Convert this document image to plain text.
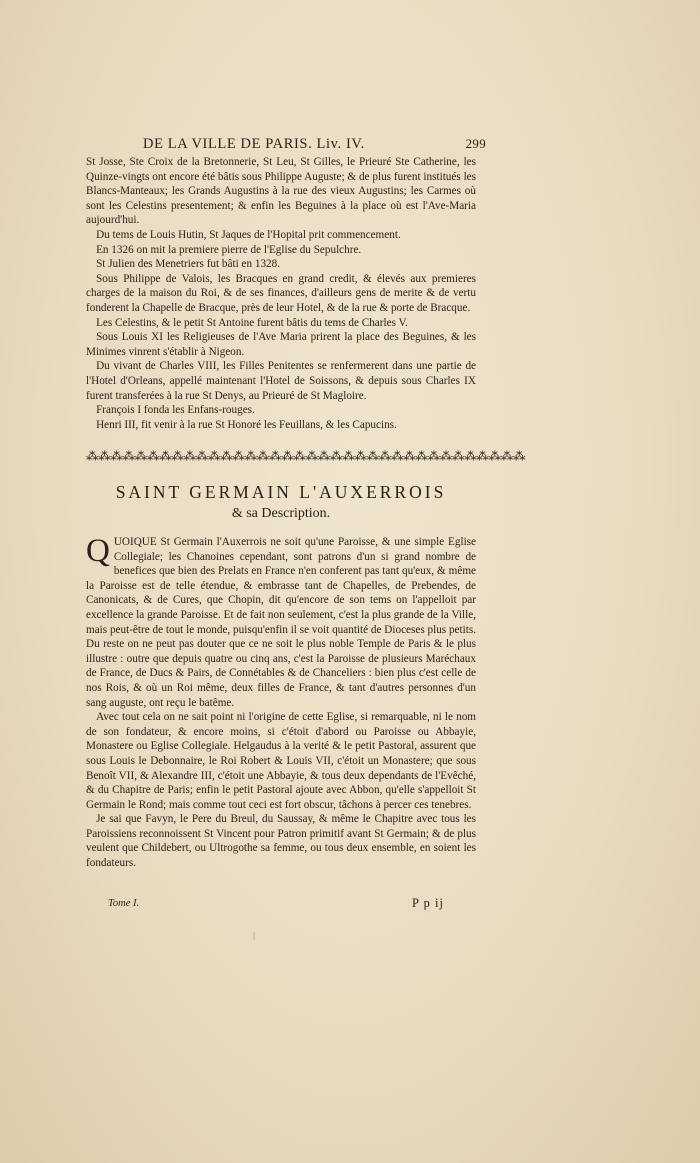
DE LA VILLE DE PARIS. Liv. IV.	299

St Josse, Ste Croix de la Bretonnerie, St Leu, St Gilles, le Prieuré Ste Catherine, les Quinze-vingts ont encore été bâtis sous Philippe Auguste; & de plus furent institués les Blancs-Manteaux; les Grands Augustins à la rue des vieux Augustins; les Carmes où sont les Celestins presentement; & enfin les Beguines à la place où est l'Ave-Maria aujourd'hui.

Du tems de Louis Hutin, St Jaques de l'Hopital prit commencement.

En 1326 on mit la premiere pierre de l'Eglise du Sepulchre.

St Julien des Menetriers fut bâti en 1328.

Sous Philippe de Valois, les Bracques en grand credit, & élevés aux premieres charges de la maison du Roi, & de ses finances, d'ailleurs gens de merite & de vertu fonderent la Chapelle de Bracque, près de leur Hotel, & de la rue & porte de Bracque.

Les Celestins, & le petit St Antoine furent bâtis du tems de Charles V.

Sous Louis XI les Religieuses de l'Ave Maria prirent la place des Beguines, & les Minimes vinrent s'établir à Nigeon.

Du vivant de Charles VIII, les Filles Penitentes se renfermerent dans une partie de l'Hotel d'Orleans, appellé maintenant l'Hotel de Soissons, & depuis sous Charles IX furent transferées à la rue St Denys, au Prieuré de St Magloire.

François I fonda les Enfans-rouges.

Henri III, fit venir à la rue St Honoré les Feuillans, & les Capucins.

⁂⁂⁂⁂⁂⁂⁂⁂⁂⁂⁂⁂⁂⁂⁂⁂⁂⁂⁂⁂⁂⁂⁂⁂⁂⁂⁂⁂⁂⁂⁂⁂⁂⁂⁂⁂
SAINT GERMAIN L'AUXERROIS
& sa Description.

QUOIQUE St Germain l'Auxerrois ne soit qu'une Paroisse, & une simple Eglise Collegiale; les Chanoines cependant, sont patrons d'un si grand nombre de benefices que bien des Prelats en France n'en conferent pas tant qu'eux, & même la Paroisse est de telle étendue, & embrasse tant de Chapelles, de Prebendes, de Canonicats, & de Cures, que Chopin, dit qu'encore de son tems on l'appelloit par excellence la grande Paroisse. Et de fait non seulement, c'est la plus grande de la Ville, mais peut-être de tout le monde, puisqu'enfin il se voit quantité de Dioceses plus petits. Du reste on ne peut pas douter que ce ne soit le plus noble Temple de Paris & le plus illustre : outre que depuis quatre ou cinq ans, c'est la Paroisse de plusieurs Maréchaux de France, de Ducs & Pairs, de Connétables & de Chanceliers : bien plus c'est celle de nos Rois, & où un Roi même, deux filles de France, & tant d'autres personnes d'un sang auguste, ont reçu le batême.

Avec tout cela on ne sait point ni l'origine de cette Eglise, si remarquable, ni le nom de son fondateur, & encore moins, si c'étoit d'abord ou Paroisse ou Abbayie, Monastere ou Eglise Collegiale. Helgaudus à la verité & le petit Pastoral, assurent que sous Louis le Debonnaire, le Roi Robert & Louis VII, c'étoit un Monastere; que sous Benoît VII, & Alexandre III, c'étoit une Abbayie, & tous deux dependants de l'Evêché, & du Chapitre de Paris; enfin le petit Pastoral ajoute avec Abbon, qu'elle s'appelloit St Germain le Rond; mais comme tout ceci est fort obscur, tâchons à percer ces tenebres.

Je sai que Favyn, le Pere du Breul, du Saussay, & même le Chapitre avec tous les Paroissiens reconnoissent St Vincent pour Patron primitif avant St Germain; & de plus veulent que Childebert, ou Ultrogothe sa femme, ou tous deux ensemble, en soient les fondateurs.

Tome I.	P p ij
